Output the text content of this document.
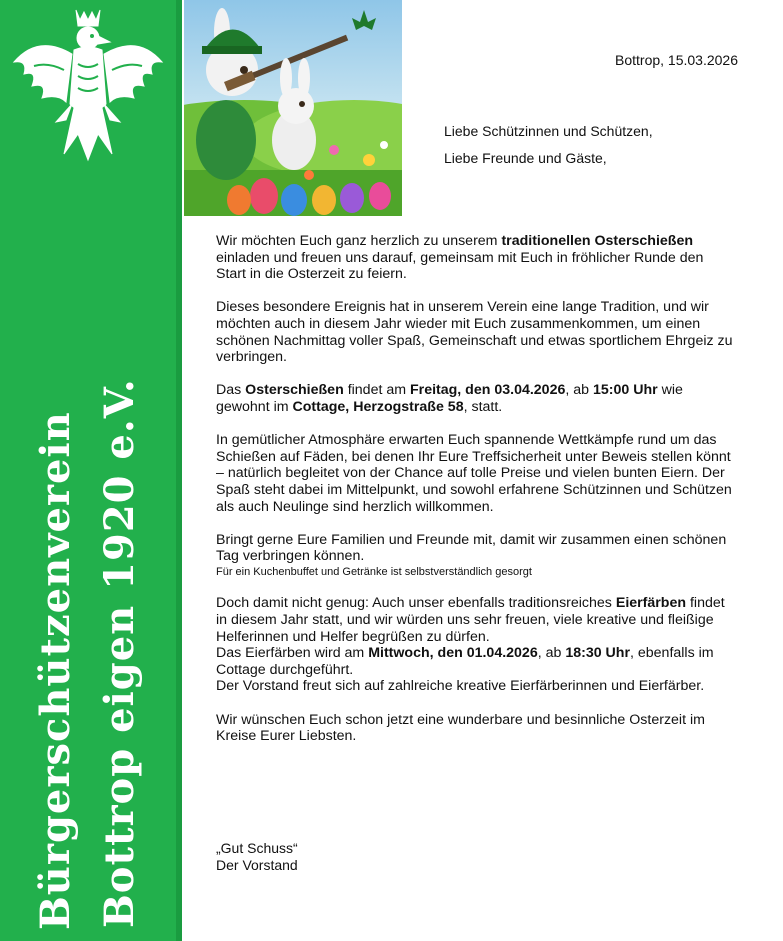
Bürgerschützenverein Bottrop eigen 1920 e.V.
Bottrop, 15.03.2026
Liebe Schützinnen und Schützen,
Liebe Freunde und Gäste,

Wir möchten Euch ganz herzlich zu unserem traditionellen Osterschießen einladen und freuen uns darauf, gemeinsam mit Euch in fröhlicher Runde den Start in die Osterzeit zu feiern.

Dieses besondere Ereignis hat in unserem Verein eine lange Tradition, und wir möchten auch in diesem Jahr wieder mit Euch zusammenkommen, um einen schönen Nachmittag voller Spaß, Gemeinschaft und etwas sportlichem Ehrgeiz zu verbringen.

Das Osterschießen findet am Freitag, den 03.04.2026, ab 15:00 Uhr wie gewohnt im Cottage, Herzogstraße 58, statt.

In gemütlicher Atmosphäre erwarten Euch spannende Wettkämpfe rund um das Schießen auf Fäden, bei denen Ihr Eure Treffsicherheit unter Beweis stellen könnt – natürlich begleitet von der Chance auf tolle Preise und vielen bunten Eiern. Der Spaß steht dabei im Mittelpunkt, und sowohl erfahrene Schützinnen und Schützen als auch Neulinge sind herzlich willkommen.

Bringt gerne Eure Familien und Freunde mit, damit wir zusammen einen schönen Tag verbringen können.
Für ein Kuchenbuffet und Getränke ist selbstverständlich gesorgt

Doch damit nicht genug: Auch unser ebenfalls traditionsreiches Eierfärben findet in diesem Jahr statt, und wir würden uns sehr freuen, viele kreative und fleißige Helferinnen und Helfer begrüßen zu dürfen.
Das Eierfärben wird am Mittwoch, den 01.04.2026, ab 18:30 Uhr, ebenfalls im Cottage durchgeführt.
Der Vorstand freut sich auf zahlreiche kreative Eierfärberinnen und Eierfärber.

Wir wünschen Euch schon jetzt eine wunderbare und besinnliche Osterzeit im Kreise Eurer Liebsten.

„Gut Schuss“
Der Vorstand
